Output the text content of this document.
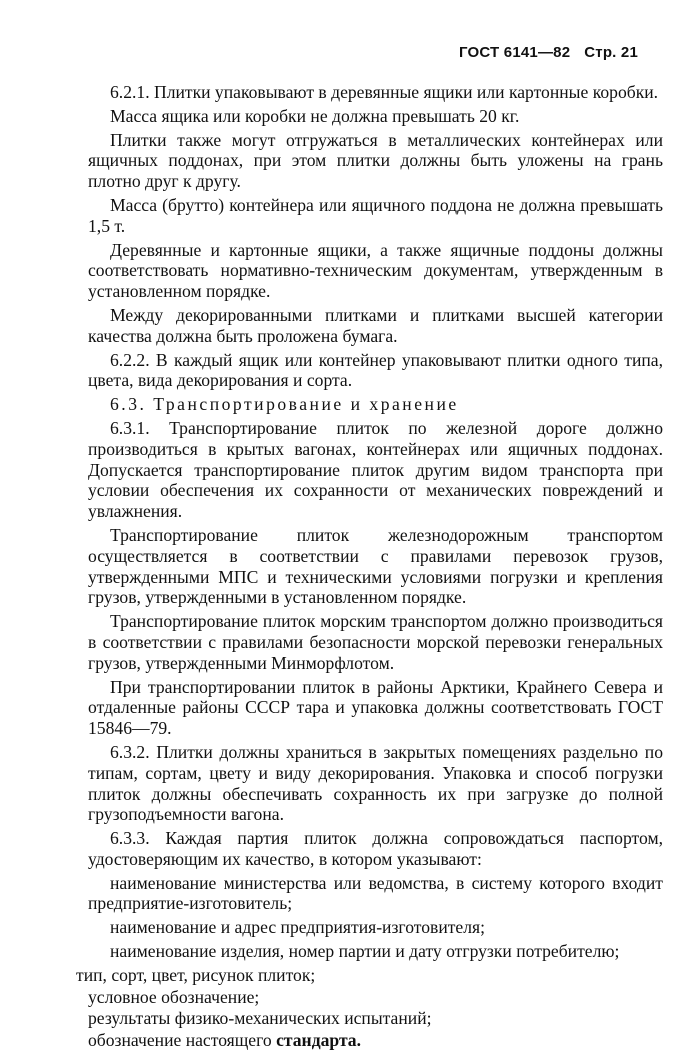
ГОСТ 6141—82 Стр. 21

6.2.1. Плитки упаковывают в деревянные ящики или картонные коробки.

Масса ящика или коробки не должна превышать 20 кг.

Плитки также могут отгружаться в металлических контейнерах или ящичных поддонах, при этом плитки должны быть уложены на грань плотно друг к другу.

Масса (брутто) контейнера или ящичного поддона не должна превышать 1,5 т.

Деревянные и картонные ящики, а также ящичные поддоны должны соответствовать нормативно-техническим документам, утвержденным в установленном порядке.

Между декорированными плитками и плитками высшей категории качества должна быть проложена бумага.

6.2.2. В каждый ящик или контейнер упаковывают плитки одного типа, цвета, вида декорирования и сорта.

6.3. Транспортирование и хранение

6.3.1. Транспортирование плиток по железной дороге должно производиться в крытых вагонах, контейнерах или ящичных поддонах. Допускается транспортирование плиток другим видом транспорта при условии обеспечения их сохранности от механических повреждений и увлажнения.

Транспортирование плиток железнодорожным транспортом осуществляется в соответствии с правилами перевозок грузов, утвержденными МПС и техническими условиями погрузки и крепления грузов, утвержденными в установленном порядке.

Транспортирование плиток морским транспортом должно производиться в соответствии с правилами безопасности морской перевозки генеральных грузов, утвержденными Минморфлотом.

При транспортировании плиток в районы Арктики, Крайнего Севера и отдаленные районы СССР тара и упаковка должны соответствовать ГОСТ 15846—79.

6.3.2. Плитки должны храниться в закрытых помещениях раздельно по типам, сортам, цвету и виду декорирования. Упаковка и способ погрузки плиток должны обеспечивать сохранность их при загрузке до полной грузоподъемности вагона.

6.3.3. Каждая партия плиток должна сопровождаться паспортом, удостоверяющим их качество, в котором указывают:

наименование министерства или ведомства, в систему которого входит предприятие-изготовитель;

наименование и адрес предприятия-изготовителя;

наименование изделия, номер партии и дату отгрузки потребителю;

тип, сорт, цвет, рисунок плиток;

условное обозначение;

результаты физико-механических испытаний;

обозначение настоящего стандарта.
